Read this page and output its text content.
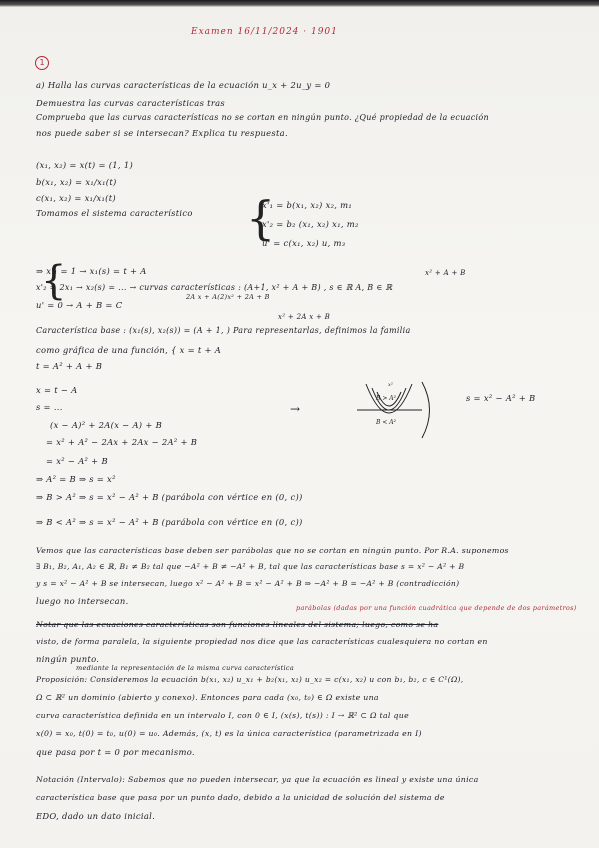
Examen 16/11/2024 · 1901
1
a) Halla las curvas características de la ecuación u_x + 2u_y = 0
Demuestra las curvas características tras
Comprueba que las curvas características no se cortan en ningún punto. ¿Qué propiedad de la ecuación
nos puede saber si se intersecan? Explica tu respuesta.
(x₁, x₂) = x(t) = (1, 1)
b(x₁, x₂) = x₁/x₁(t)
c(x₁, x₂) = x₁/x₁(t)
Tomamos el sistema característico {
x'₁ = b(x₁, x₂) x₂, m₁
x'₂ = b₂ (x₁, x₂) x₁, m₂
u' = c(x₁, x₂) u, m₃
{
⇒ x'₁ = 1 → x₁(s) = t + A
x'₂ = 2x₁ → x₂(s) = ... → curvas características : (A+1, x² + A + B) , s ∈ ℝ A, B ∈ ℝ
u' = 0 → A + B = C
x² + A + B
2A x + A(2)x² + 2A + B
x² + 2A x + B
Característica base : (x₁(s), x₂(s)) = (A + 1, ) Para representarlas, definimos la familia
como gráfica de una función, { x = t + A
t = A² + A + B
x = t − A
s = ...
(x − A)² + 2A(x − A) + B
= x² + A² − 2Ax + 2Ax − 2A² + B
= x² − A² + B
⇒ A² = B ⇒ s = x²
⇒ B > A² ⇒ s = x² − A² + B (parábola con vértice en (0, c))
⇒ B < A² ⇒ s = x² − A² + B (parábola con vértice en (0, c))
B > A²
B < A²
x²
s = x² − A² + B
→
Vemos que las características base deben ser parábolas que no se cortan en ningún punto. Por R.A. suponemos
∃ B₁, B₂, A₁, A₂ ∈ ℝ, B₁ ≠ B₂ tal que −A² + B ≠ −A² + B, tal que las características base s = x² − A² + B
y s = x² − A² + B se intersecan, luego x² − A² + B = x² − A² + B ⇒ −A² + B = −A² + B (contradicción)
luego no intersecan.
parábolas (dadas por una función cuadrática que depende de dos parámetros)
Notar que las ecuaciones características son funciones lineales del sistema; luego, como se ha
visto, de forma paralela, la siguiente propiedad nos dice que las características cualesquiera no cortan en
ningún punto.
mediante la representación de la misma curva característica
Proposición: Consideremos la ecuación b(x₁, x₂) u_x₁ + b₂(x₁, x₂) u_x₂ = c(x₁, x₂) u con b₁, b₂, c ∈ C¹(Ω),
Ω ⊂ ℝ² un dominio (abierto y conexo). Entonces para cada (x₀, t₀) ∈ Ω existe una
curva característica definida en un intervalo I, con 0 ∈ I, (x(s), t(s)) : I → ℝ² ⊂ Ω tal que
x(0) = x₀, t(0) = t₀, u(0) = u₀. Además, (x, t) es la única característica (parametrizada en I)
que pasa por t = 0 por mecanismo.
Notación (Intervalo): Sabemos que no pueden intersecar, ya que la ecuación es lineal y existe una única
característica base que pasa por un punto dado, debido a la unicidad de solución del sistema de
EDO, dado un dato inicial.
